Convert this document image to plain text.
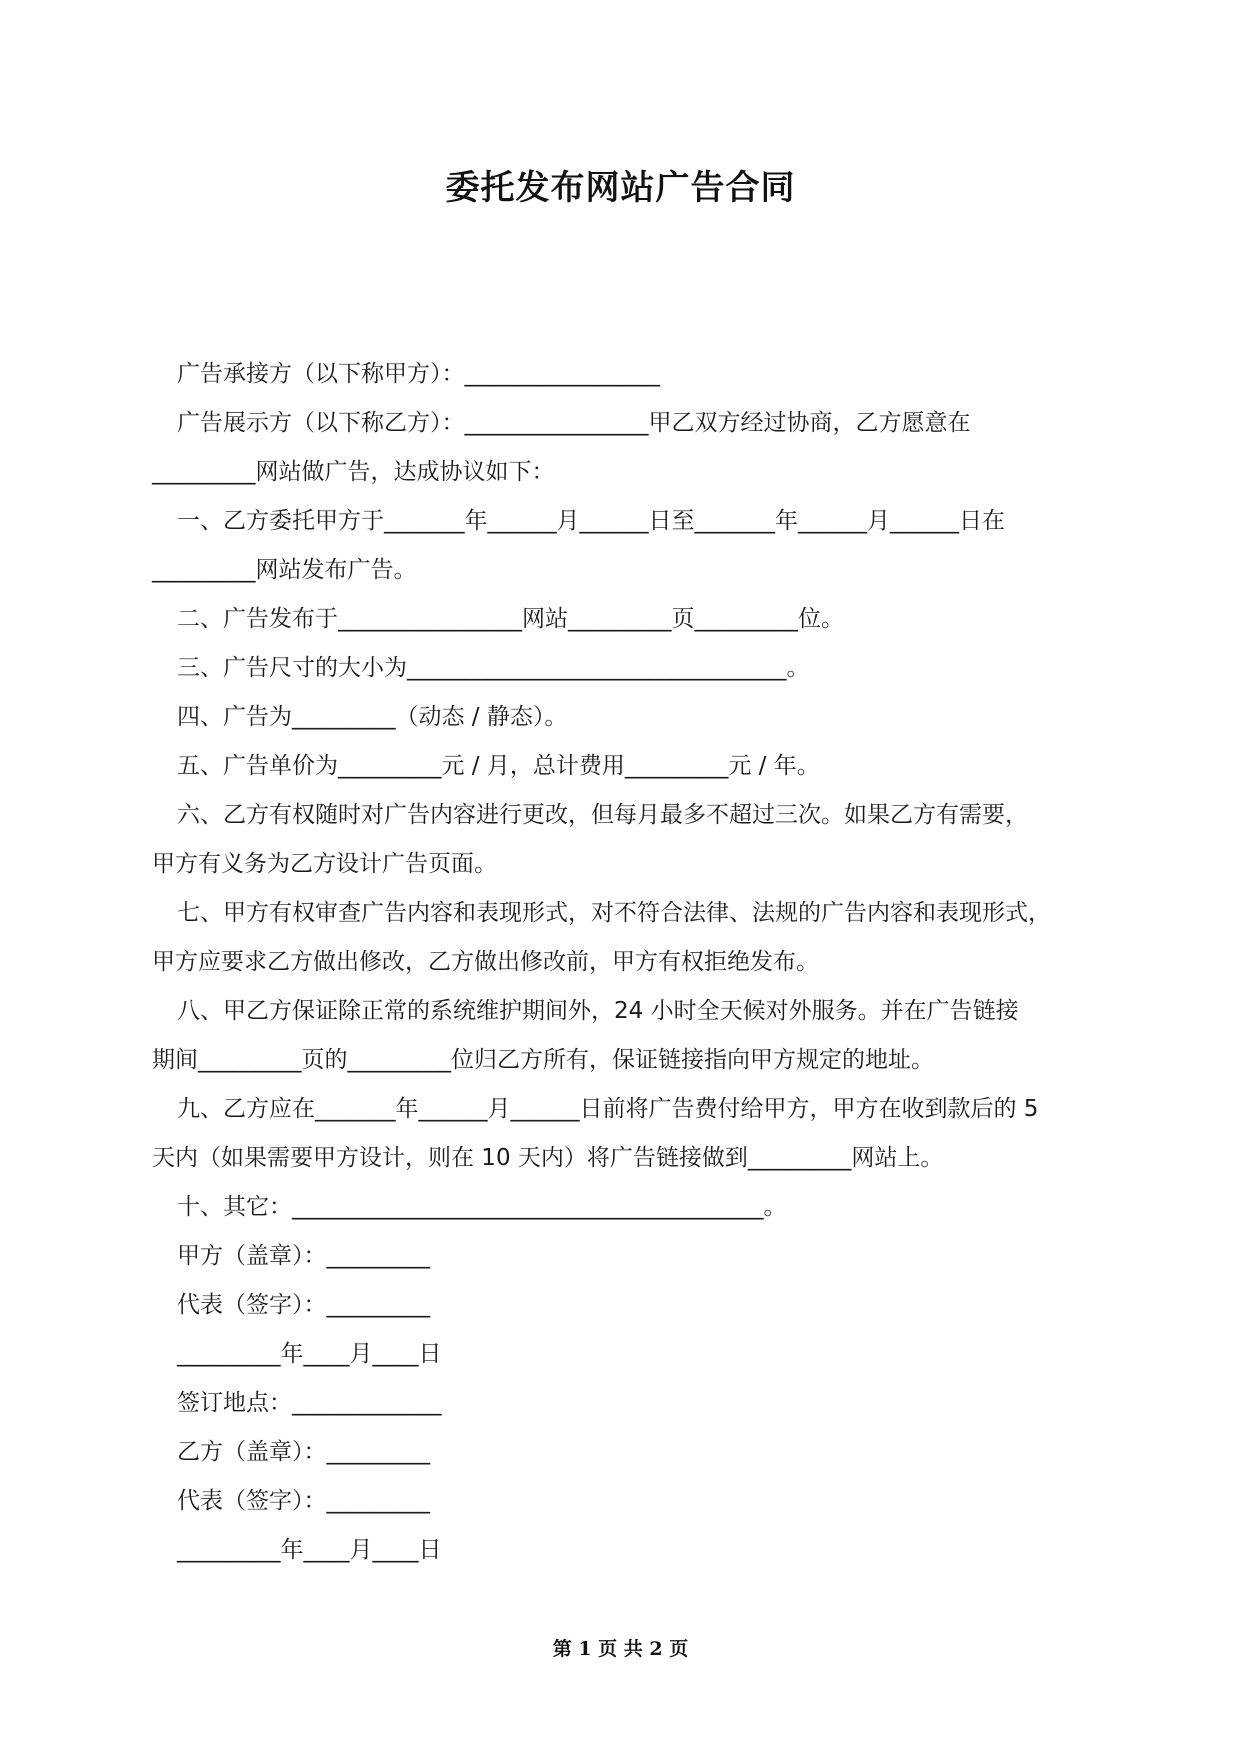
委托发布网站广告合同
广告承接方（以下称甲方）：_________________
广告展示方（以下称乙方）：________________甲乙双方经过协商，乙方愿意在
_________网站做广告，达成协议如下：
一、乙方委托甲方于_______年______月______日至_______年______月______日在
_________网站发布广告。
二、广告发布于________________网站_________页_________位。
三、广告尺寸的大小为_________________________________。
四、广告为_________（动态 / 静态）。
五、广告单价为_________元 / 月，总计费用_________元 / 年。
六、乙方有权随时对广告内容进行更改，但每月最多不超过三次。如果乙方有需要，
甲方有义务为乙方设计广告页面。
七、甲方有权审查广告内容和表现形式，对不符合法律、法规的广告内容和表现形式，
甲方应要求乙方做出修改，乙方做出修改前，甲方有权拒绝发布。
八、甲乙方保证除正常的系统维护期间外，24 小时全天候对外服务。并在广告链接
期间_________页的_________位归乙方所有，保证链接指向甲方规定的地址。
九、乙方应在_______年______月______日前将广告费付给甲方，甲方在收到款后的 5
天内（如果需要甲方设计，则在 10 天内）将广告链接做到_________网站上。
十、其它：_________________________________________。
甲方（盖章）：_________
代表（签字）：_________
_________年____月____日
签订地点：_____________
乙方（盖章）：_________
代表（签字）：_________
_________年____月____日
第 1 页 共 2 页
